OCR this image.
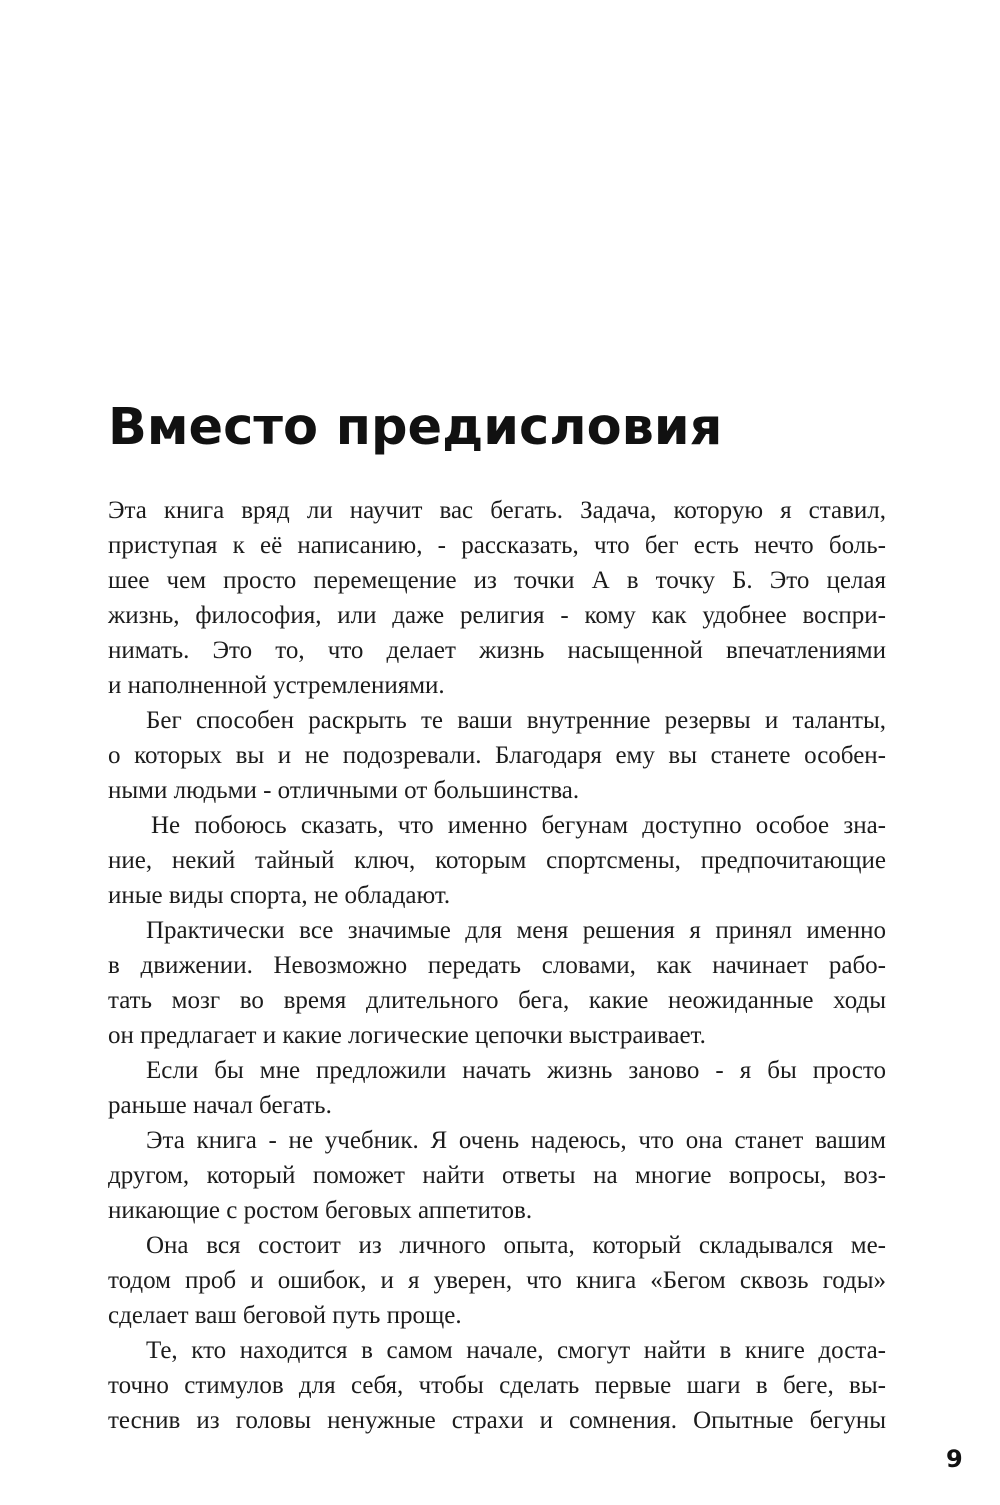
Вместо предисловия
Эта книга вряд ли научит вас бегать. Задача, которую я ставил,
приступая к её написанию, - рассказать, что бег есть нечто боль-
шее чем просто перемещение из точки А в точку Б. Это целая
жизнь, философия, или даже религия - кому как удобнее воспри-
нимать. Это то, что делает жизнь насыщенной впечатлениями
и наполненной устремлениями.
Бег способен раскрыть те ваши внутренние резервы и таланты,
о которых вы и не подозревали. Благодаря ему вы станете особен-
ными людьми - отличными от большинства.
Не побоюсь сказать, что именно бегунам доступно особое зна-
ние, некий тайный ключ, которым спортсмены, предпочитающие
иные виды спорта, не обладают.
Практически все значимые для меня решения я принял именно
в движении. Невозможно передать словами, как начинает рабо-
тать мозг во время длительного бега, какие неожиданные ходы
он предлагает и какие логические цепочки выстраивает.
Если бы мне предложили начать жизнь заново - я бы просто
раньше начал бегать.
Эта книга - не учебник. Я очень надеюсь, что она станет вашим
другом, который поможет найти ответы на многие вопросы, воз-
никающие с ростом беговых аппетитов.
Она вся состоит из личного опыта, который складывался ме-
тодом проб и ошибок, и я уверен, что книга «Бегом сквозь годы»
сделает ваш беговой путь проще.
Те, кто находится в самом начале, смогут найти в книге доста-
точно стимулов для себя, чтобы сделать первые шаги в беге, вы-
теснив из головы ненужные страхи и сомнения. Опытные бегуны
9
